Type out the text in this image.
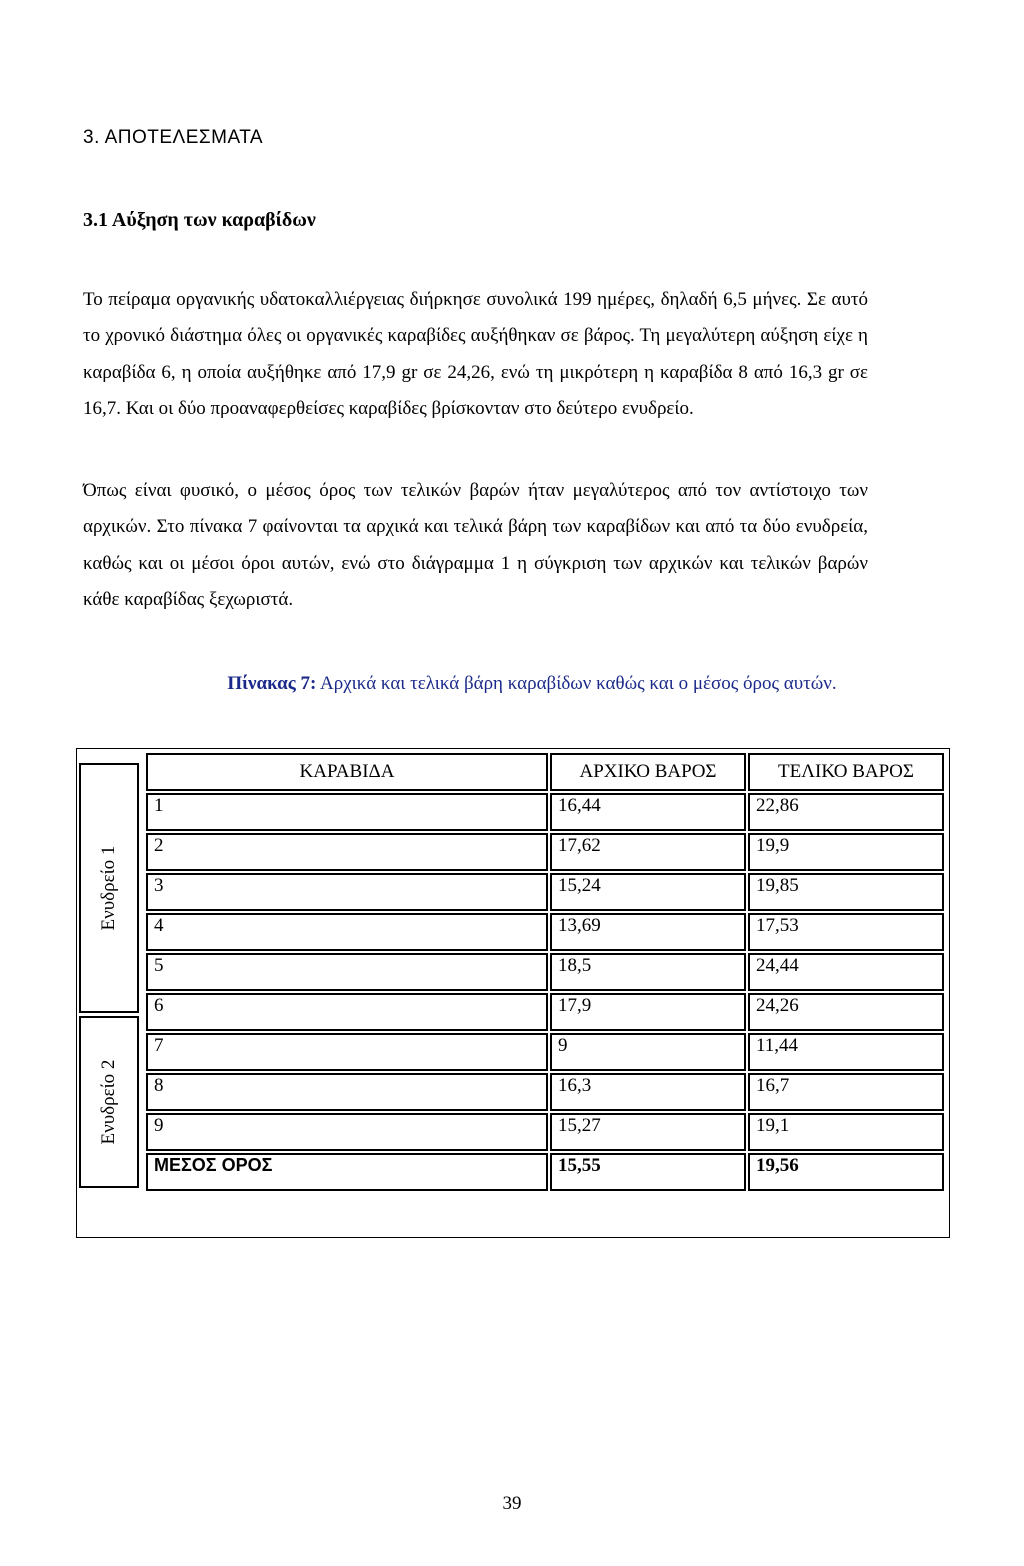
3. ΑΠΟΤΕΛΕΣΜΑΤΑ
3.1 Αύξηση των καραβίδων

Το πείραμα οργανικής υδατοκαλλιέργειας διήρκησε συνολικά 199 ημέρες, δηλαδή 6,5 μήνες. Σε αυτό το χρονικό διάστημα όλες οι οργανικές καραβίδες αυξήθηκαν σε βάρος. Τη μεγαλύτερη αύξηση είχε η καραβίδα 6, η οποία αυξήθηκε από 17,9 gr σε 24,26, ενώ τη μικρότερη η καραβίδα 8 από 16,3 gr σε 16,7. Και οι δύο προαναφερθείσες καραβίδες βρίσκονταν στο δεύτερο ενυδρείο.

Όπως είναι φυσικό, ο μέσος όρος των τελικών βαρών ήταν μεγαλύτερος από τον αντίστοιχο των αρχικών. Στο πίνακα 7 φαίνονται τα αρχικά και τελικά βάρη των καραβίδων και από τα δύο ενυδρεία, καθώς και οι μέσοι όροι αυτών, ενώ στο διάγραμμα 1 η σύγκριση των αρχικών και τελικών βαρών κάθε καραβίδας ξεχωριστά.

Πίνακας 7: Αρχικά και τελικά βάρη καραβίδων καθώς και ο μέσος όρος αυτών.

Ενυδρείο 1
Ενυδρείο 2
ΚΑΡΑΒΙΔΑ	ΑΡΧΙΚΟ ΒΑΡΟΣ	ΤΕΛΙΚΟ ΒΑΡΟΣ
1	16,44	22,86
2	17,62	19,9
3	15,24	19,85
4	13,69	17,53
5	18,5	24,44
6	17,9	24,26
7	9	11,44
8	16,3	16,7
9	15,27	19,1
ΜΕΣΟΣ ΟΡΟΣ	15,55	19,56

39
